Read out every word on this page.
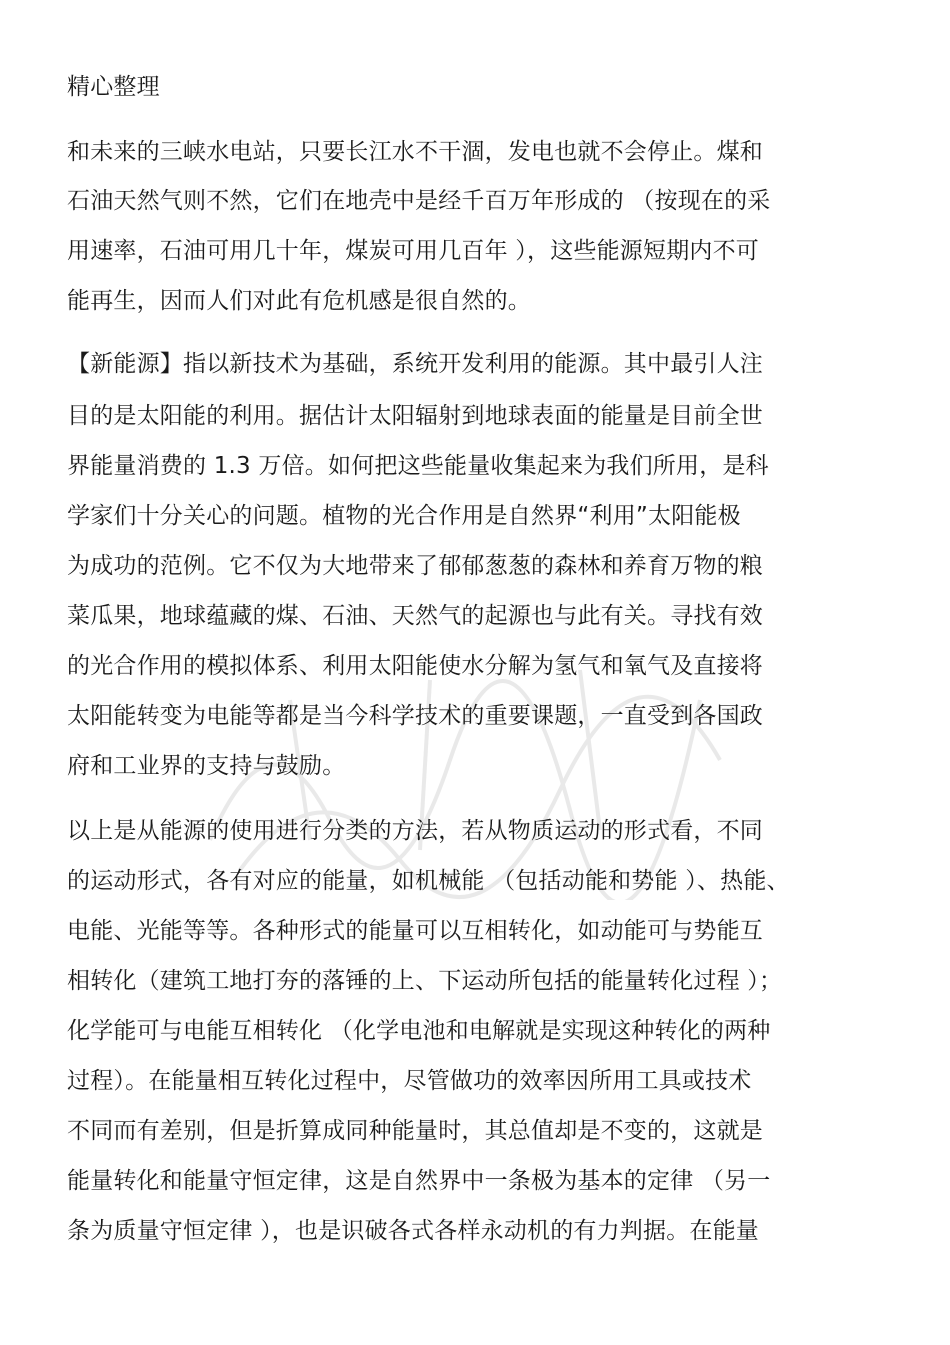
精心整理
和未来的三峡水电站，只要长江水不干涸，发电也就不会停止。煤和
石油天然气则不然，它们在地壳中是经千百万年形成的 （按现在的采
用速率，石油可用几十年，煤炭可用几百年 ），这些能源短期内不可
能再生，因而人们对此有危机感是很自然的。
【新能源】指以新技术为基础，系统开发利用的能源。其中最引人注
目的是太阳能的利用。据估计太阳辐射到地球表面的能量是目前全世
界能量消费的 1.3 万倍。如何把这些能量收集起来为我们所用，是科
学家们十分关心的问题。植物的光合作用是自然界“利用”太阳能极
为成功的范例。它不仅为大地带来了郁郁葱葱的森林和养育万物的粮
菜瓜果，地球蕴藏的煤、石油、天然气的起源也与此有关。寻找有效
的光合作用的模拟体系、利用太阳能使水分解为氢气和氧气及直接将
太阳能转变为电能等都是当今科学技术的重要课题，一直受到各国政
府和工业界的支持与鼓励。
以上是从能源的使用进行分类的方法，若从物质运动的形式看，不同
的运动形式，各有对应的能量，如机械能 （包括动能和势能 ）、热能、
电能、光能等等。各种形式的能量可以互相转化，如动能可与势能互
相转化（建筑工地打夯的落锤的上、下运动所包括的能量转化过程 ）；
化学能可与电能互相转化 （化学电池和电解就是实现这种转化的两种
过程）。在能量相互转化过程中，尽管做功的效率因所用工具或技术
不同而有差别，但是折算成同种能量时，其总值却是不变的，这就是
能量转化和能量守恒定律，这是自然界中一条极为基本的定律 （另一
条为质量守恒定律 ），也是识破各式各样永动机的有力判据。在能量
